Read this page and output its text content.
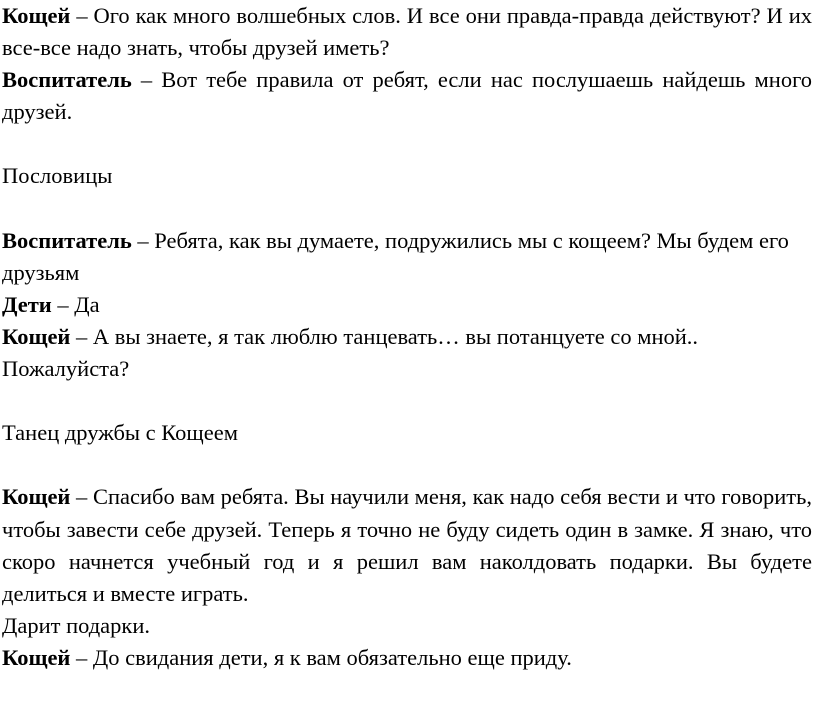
Кощей – Ого как много волшебных слов. И все они правда-правда действуют? И их все-все надо знать, чтобы друзей иметь?

Воспитатель – Вот тебе правила от ребят, если нас послушаешь найдешь много друзей.

Пословицы

Воспитатель – Ребята, как вы думаете, подружились мы с кощеем? Мы будем его друзьям

Дети – Да

Кощей – А вы знаете, я так люблю танцевать… вы потанцуете со мной.. Пожалуйста?

Танец дружбы с Кощеем

Кощей – Спасибо вам ребята. Вы научили меня, как надо себя вести и что говорить, чтобы завести себе друзей. Теперь я точно не буду сидеть один в замке. Я знаю, что скоро начнется учебный год и я решил вам наколдовать подарки. Вы будете делиться и вместе играть.

Дарит подарки.

Кощей – До свидания дети, я к вам обязательно еще приду.
